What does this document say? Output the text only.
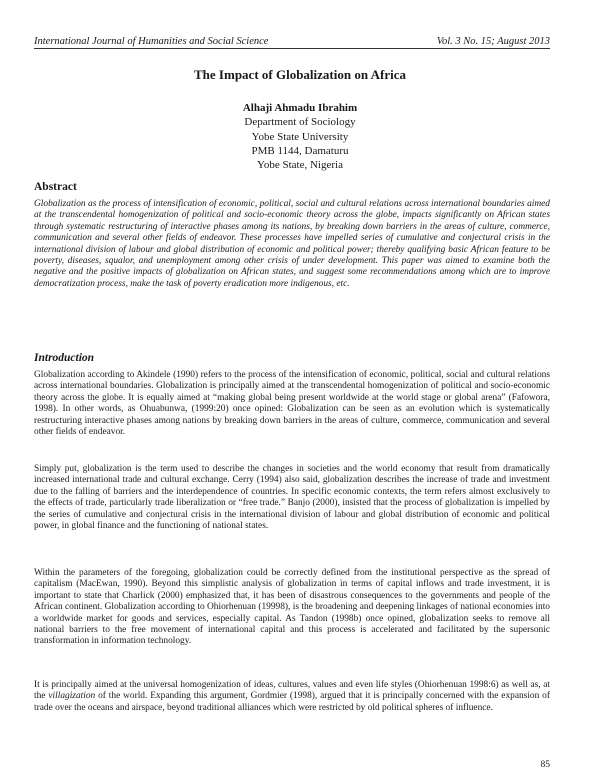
International Journal of Humanities and Social Science	Vol. 3 No. 15; August 2013
The Impact of Globalization on Africa
Alhaji Ahmadu Ibrahim
Department of Sociology
Yobe State University
PMB 1144, Damaturu
Yobe State, Nigeria
Abstract

Globalization as the process of intensification of economic, political, social and cultural relations across international boundaries aimed at the transcendental homogenization of political and socio-economic theory across the globe, impacts significantly on African states through systematic restructuring of interactive phases among its nations, by breaking down barriers in the areas of culture, commerce, communication and several other fields of endeavor. These processes have impelled series of cumulative and conjectural crisis in the international division of labour and global distribution of economic and political power; thereby qualifying basic African feature to be poverty, diseases, squalor, and unemployment among other crisis of under development. This paper was aimed to examine both the negative and the positive impacts of globalization on African states, and suggest some recommendations among which are to improve democratization process, make the task of poverty eradication more indigenous, etc.

Introduction

Globalization according to Akindele (1990) refers to the process of the intensification of economic, political, social and cultural relations across international boundaries. Globalization is principally aimed at the transcendental homogenization of political and socio-economic theory across the globe. It is equally aimed at “making global being present worldwide at the world stage or global arena” (Fafowora, 1998). In other words, as Ohuabunwa, (1999:20) once opined: Globalization can be seen as an evolution which is systematically restructuring interactive phases among nations by breaking down barriers in the areas of culture, commerce, communication and several other fields of endeavor.

Simply put, globalization is the term used to describe the changes in societies and the world economy that result from dramatically increased international trade and cultural exchange. Cerry (1994) also said, globalization describes the increase of trade and investment due to the falling of barriers and the interdependence of countries. In specific economic contexts, the term refers almost exclusively to the effects of trade, particularly trade liberalization or “free trade.” Banjo (2000), insisted that the process of globalization is impelled by the series of cumulative and conjectural crisis in the international division of labour and global distribution of economic and political power, in global finance and the functioning of national states.

Within the parameters of the foregoing, globalization could be correctly defined from the institutional perspective as the spread of capitalism (MacEwan, 1990). Beyond this simplistic analysis of globalization in terms of capital inflows and trade investment, it is important to state that Charlick (2000) emphasized that, it has been of disastrous consequences to the governments and people of the African continent. Globalization according to Ohiorhenuan (19998), is the broadening and deepening linkages of national economies into a worldwide market for goods and services, especially capital. As Tandon (1998b) once opined, globalization seeks to remove all national barriers to the free movement of international capital and this process is accelerated and facilitated by the supersonic transformation in information technology.

It is principally aimed at the universal homogenization of ideas, cultures, values and even life styles (Ohiorhenuan 1998:6) as well as, at the villagization of the world. Expanding this argument, Gordmier (1998), argued that it is principally concerned with the expansion of trade over the oceans and airspace, beyond traditional alliances which were restricted by old political spheres of influence.

85
